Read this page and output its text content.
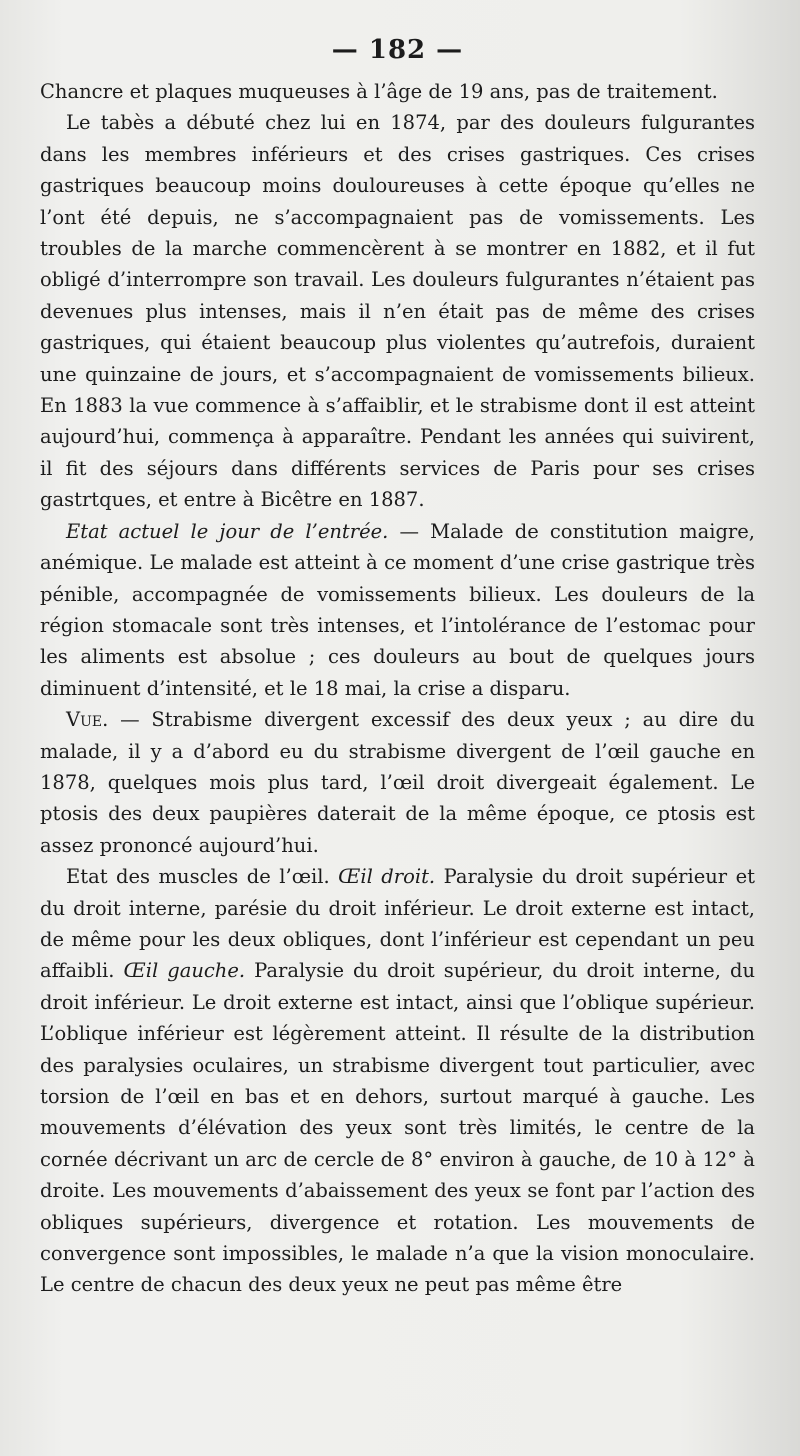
— 182 —

Chancre et plaques muqueuses à l’âge de 19 ans, pas de traitement.

Le tabès a débuté chez lui en 1874, par des douleurs fulgurantes dans les membres inférieurs et des crises gastriques. Ces crises gastriques beaucoup moins douloureuses à cette époque qu’elles ne l’ont été depuis, ne s’accompagnaient pas de vomissements. Les troubles de la marche commencèrent à se montrer en 1882, et il fut obligé d’interrompre son travail. Les douleurs fulgurantes n’étaient pas devenues plus intenses, mais il n’en était pas de même des crises gastriques, qui étaient beaucoup plus violentes qu’autrefois, duraient une quinzaine de jours, et s’accompagnaient de vomissements bilieux. En 1883 la vue commence à s’affaiblir, et le strabisme dont il est atteint aujourd’hui, commença à apparaître. Pendant les années qui suivirent, il fit des séjours dans différents services de Paris pour ses crises gastrtques, et entre à Bicêtre en 1887.

Etat actuel le jour de l’entrée. — Malade de constitution maigre, anémique. Le malade est atteint à ce moment d’une crise gastrique très pénible, accompagnée de vomissements bilieux. Les douleurs de la région stomacale sont très intenses, et l’intolérance de l’estomac pour les aliments est absolue ; ces douleurs au bout de quelques jours diminuent d’intensité, et le 18 mai, la crise a disparu.

Vue. — Strabisme divergent excessif des deux yeux ; au dire du malade, il y a d’abord eu du strabisme divergent de l’œil gauche en 1878, quelques mois plus tard, l’œil droit divergeait également. Le ptosis des deux paupières daterait de la même époque, ce ptosis est assez prononcé aujourd’hui.

Etat des muscles de l’œil. Œil droit. Paralysie du droit supérieur et du droit interne, parésie du droit inférieur. Le droit externe est intact, de même pour les deux obliques, dont l’inférieur est cependant un peu affaibli. Œil gauche. Paralysie du droit supérieur, du droit interne, du droit inférieur. Le droit externe est intact, ainsi que l’oblique supérieur. L’oblique inférieur est légèrement atteint. Il résulte de la distribution des paralysies oculaires, un strabisme divergent tout particulier, avec torsion de l’œil en bas et en dehors, surtout marqué à gauche. Les mouvements d’élévation des yeux sont très limités, le centre de la cornée décrivant un arc de cercle de 8° environ à gauche, de 10 à 12° à droite. Les mouvements d’abaissement des yeux se font par l’action des obliques supérieurs, divergence et rotation. Les mouvements de convergence sont impossibles, le malade n’a que la vision monoculaire. Le centre de chacun des deux yeux ne peut pas même être
